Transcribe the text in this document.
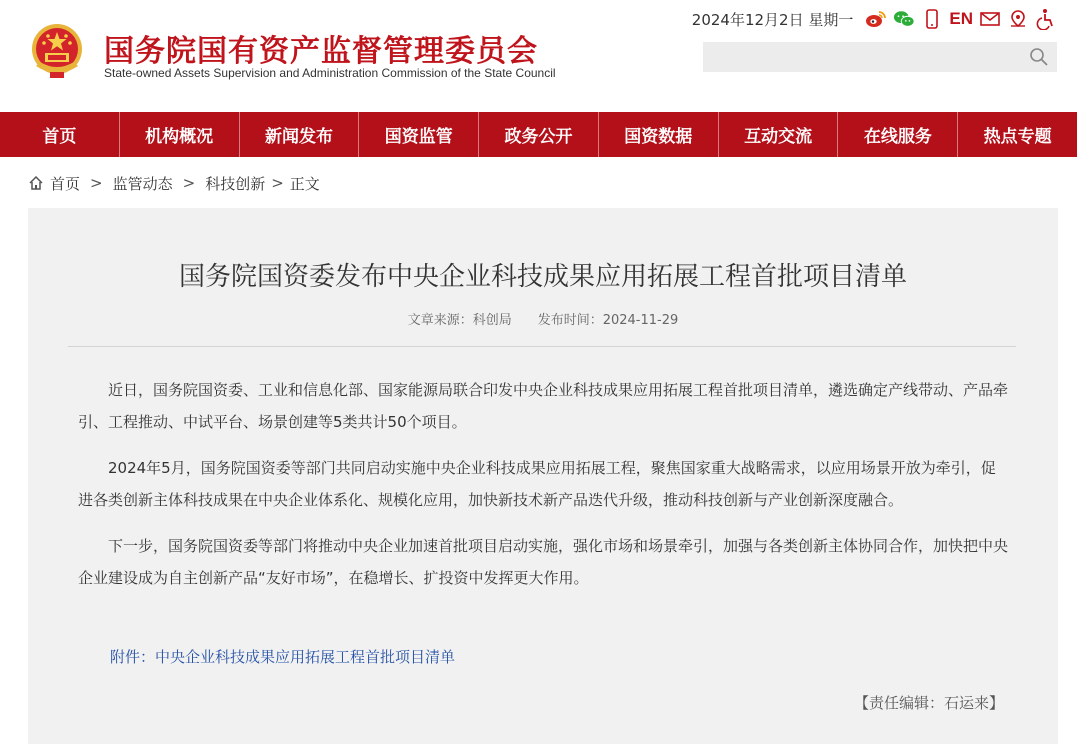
国务院国有资产监督管理委员会
State-owned Assets Supervision and Administration Commission of the State Council
2024年12月2日 星期一	EN
首页	机构概况	新闻发布	国资监管	政务公开	国资数据	互动交流	在线服务	热点专题
首页 > 监管动态 > 科技创新 > 正文
国务院国资委发布中央企业科技成果应用拓展工程首批项目清单
文章来源：科创局 发布时间：2024-11-29

近日，国务院国资委、工业和信息化部、国家能源局联合印发中央企业科技成果应用拓展工程首批项目清单，遴选确定产线带动、产品牵引、工程推动、中试平台、场景创建等5类共计50个项目。

2024年5月，国务院国资委等部门共同启动实施中央企业科技成果应用拓展工程，聚焦国家重大战略需求，以应用场景开放为牵引，促进各类创新主体科技成果在中央企业体系化、规模化应用，加快新技术新产品迭代升级，推动科技创新与产业创新深度融合。

下一步，国务院国资委等部门将推动中央企业加速首批项目启动实施，强化市场和场景牵引，加强与各类创新主体协同合作，加快把中央企业建设成为自主创新产品“友好市场”，在稳增长、扩投资中发挥更大作用。

附件：中央企业科技成果应用拓展工程首批项目清单
【责任编辑：石运来】
